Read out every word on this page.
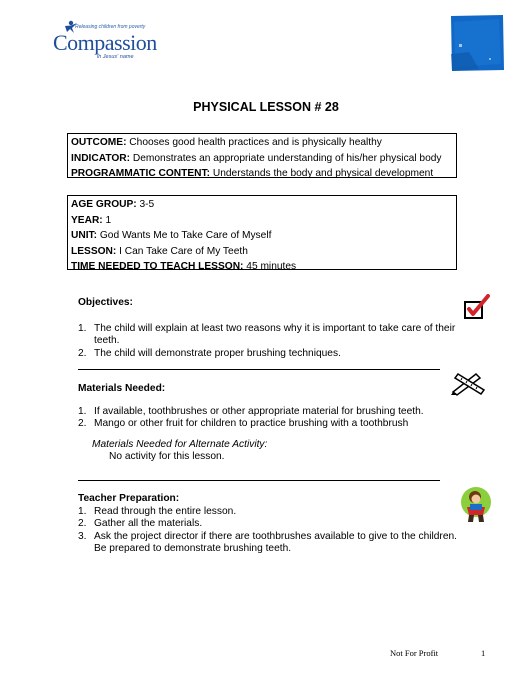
Releasing children from poverty
Compassion
in Jesus' name
PHYSICAL LESSON # 28
OUTCOME: Chooses good health practices and is physically healthy
INDICATOR: Demonstrates an appropriate understanding of his/her physical body
PROGRAMMATIC CONTENT: Understands the body and physical development
AGE GROUP: 3-5
YEAR: 1
UNIT: God Wants Me to Take Care of Myself
LESSON: I Can Take Care of My Teeth
TIME NEEDED TO TEACH LESSON: 45 minutes
Objectives:
1. The child will explain at least two reasons why it is important to take care of their teeth.
2. The child will demonstrate proper brushing techniques.
Materials Needed:
1. If available, toothbrushes or other appropriate material for brushing teeth.
2. Mango or other fruit for children to practice brushing with a toothbrush
Materials Needed for Alternate Activity:
No activity for this lesson.
Teacher Preparation:
1. Read through the entire lesson.
2. Gather all the materials.
3. Ask the project director if there are toothbrushes available to give to the children. Be prepared to demonstrate brushing teeth.
Not For Profit	1
